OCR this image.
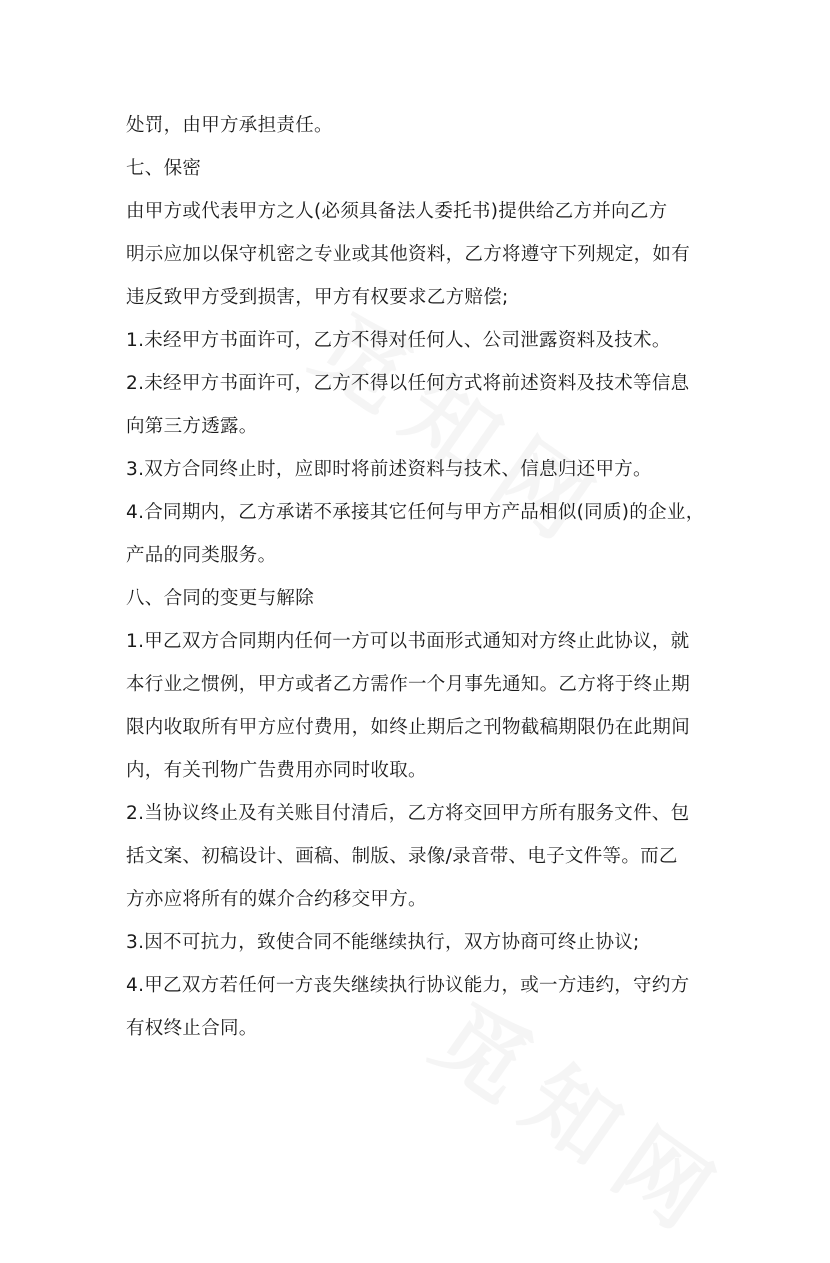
处罚，由甲方承担责任。
七、保密
由甲方或代表甲方之人(必须具备法人委托书)提供给乙方并向乙方
明示应加以保守机密之专业或其他资料，乙方将遵守下列规定，如有
违反致甲方受到损害，甲方有权要求乙方赔偿;
1.未经甲方书面许可，乙方不得对任何人、公司泄露资料及技术。
2.未经甲方书面许可，乙方不得以任何方式将前述资料及技术等信息
向第三方透露。
3.双方合同终止时，应即时将前述资料与技术、信息归还甲方。
4.合同期内，乙方承诺不承接其它任何与甲方产品相似(同质)的企业，
产品的同类服务。
八、合同的变更与解除
1.甲乙双方合同期内任何一方可以书面形式通知对方终止此协议，就
本行业之惯例，甲方或者乙方需作一个月事先通知。乙方将于终止期
限内收取所有甲方应付费用，如终止期后之刊物截稿期限仍在此期间
内，有关刊物广告费用亦同时收取。
2.当协议终止及有关账目付清后，乙方将交回甲方所有服务文件、包
括文案、初稿设计、画稿、制版、录像/录音带、电子文件等。而乙
方亦应将所有的媒介合约移交甲方。
3.因不可抗力，致使合同不能继续执行，双方协商可终止协议;
4.甲乙双方若任何一方丧失继续执行协议能力，或一方违约，守约方
有权终止合同。
